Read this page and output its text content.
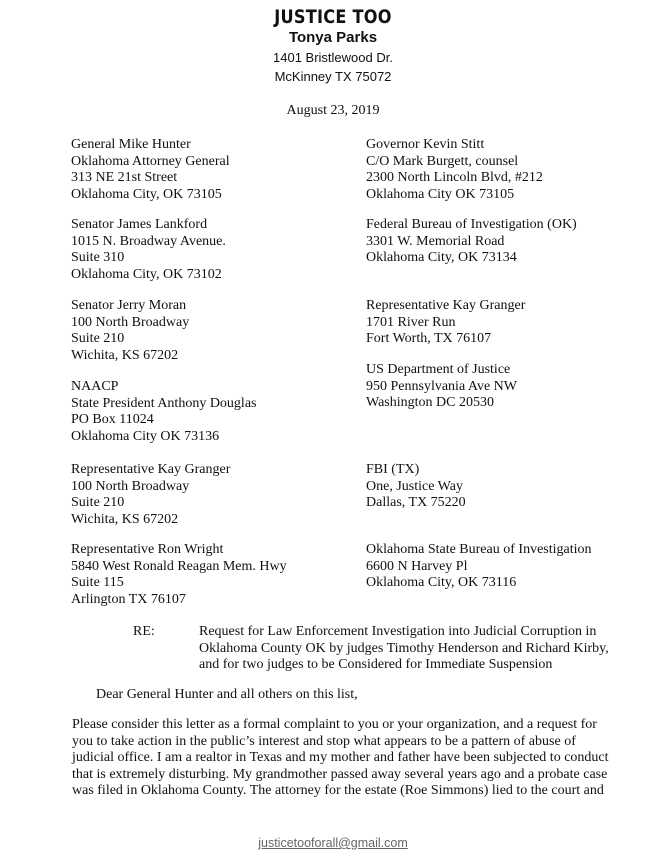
JUSTICE TOO
Tonya Parks
1401 Bristlewood Dr.
McKinney TX 75072
August 23, 2019
General Mike Hunter
Oklahoma Attorney General
313 NE 21st Street
Oklahoma City, OK 73105
Senator James Lankford
1015 N. Broadway Avenue.
Suite 310
Oklahoma City, OK 73102
Senator Jerry Moran
100 North Broadway
Suite 210
Wichita, KS 67202
NAACP
State President Anthony Douglas
PO Box 11024
Oklahoma City OK 73136
Representative Kay Granger
100 North Broadway
Suite 210
Wichita, KS 67202
Representative Ron Wright
5840 West Ronald Reagan Mem. Hwy
Suite 115
Arlington TX 76107
Governor Kevin Stitt
C/O Mark Burgett, counsel
2300 North Lincoln Blvd, #212
Oklahoma City OK 73105
Federal Bureau of Investigation (OK)
3301 W. Memorial Road
Oklahoma City, OK 73134
Representative Kay Granger
1701 River Run
Fort Worth, TX 76107
US Department of Justice
950 Pennsylvania Ave NW
Washington DC 20530
FBI (TX)
One, Justice Way
Dallas, TX 75220
Oklahoma State Bureau of Investigation
6600 N Harvey Pl
Oklahoma City, OK 73116
RE:	Request for Law Enforcement Investigation into Judicial Corruption in
Oklahoma County OK by judges Timothy Henderson and Richard Kirby,
and for two judges to be Considered for Immediate Suspension
Dear General Hunter and all others on this list,
Please consider this letter as a formal complaint to you or your organization, and a request for
you to take action in the public’s interest and stop what appears to be a pattern of abuse of
judicial office. I am a realtor in Texas and my mother and father have been subjected to conduct
that is extremely disturbing. My grandmother passed away several years ago and a probate case
was filed in Oklahoma County. The attorney for the estate (Roe Simmons) lied to the court and
justicetooforall@gmail.com
